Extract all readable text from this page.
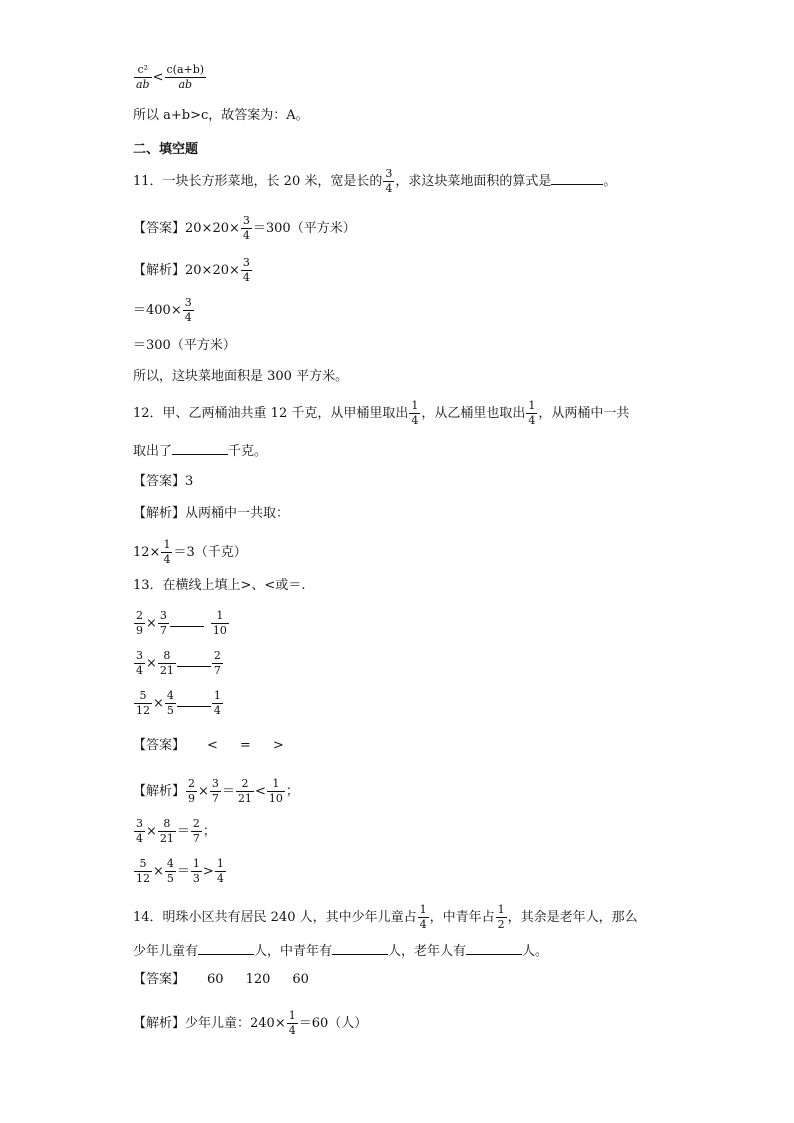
$\frac{\text{c²}}{ab} < \frac{c(a+b)}{ab}$
所以 a+b>c，故答案为：A。
二、填空题
11．一块长方形菜地，长 20 米，宽是长的 $\frac{3}{4}$ ，求这块菜地面积的算式是	。
【答案】$20\times 20\times \frac{3}{4} =300$（平方米）
【解析】$20\times 20\times \frac{3}{4}$
$=400\times \frac{3}{4}$
＝300（平方米）
所以，这块菜地面积是 300 平方米。
12．甲、乙两桶油共重 12 千克，从甲桶里取出 $\frac{1}{4}$ ，从乙桶里也取出 $\frac{1}{4}$ ，从两桶中一共
取出了	千克。
【答案】3
【解析】从两桶中一共取：
$12\times \frac{1}{4} =3$（千克）
13．在横线上填上>、<或＝.
$\frac{2}{9} \times \frac{3}{7}$	$\frac{1}{10}$
$\frac{3}{4} \times \frac{8}{21}$	$\frac{2}{7}$
$\frac{5}{12} \times \frac{4}{5}$	$\frac{1}{4}$
【答案】 < = >
【解析】 $\frac{2}{9} \times \frac{3}{7} = \frac{2}{21} < \frac{1}{10}$ ；
$\frac{3}{4} \times \frac{8}{21} = \frac{2}{7}$ ；
$\frac{5}{12} \times \frac{4}{5} = \frac{1}{3} > \frac{1}{4}$
14．明珠小区共有居民 240 人，其中少年儿童占 $\frac{1}{4}$ ，中青年占 $\frac{1}{2}$ ，其余是老年人，那么
少年儿童有	人，中青年有	人，老年人有	人。
【答案】 60 120 60
【解析】少年儿童：$240\times \frac{1}{4} =60$（人）
